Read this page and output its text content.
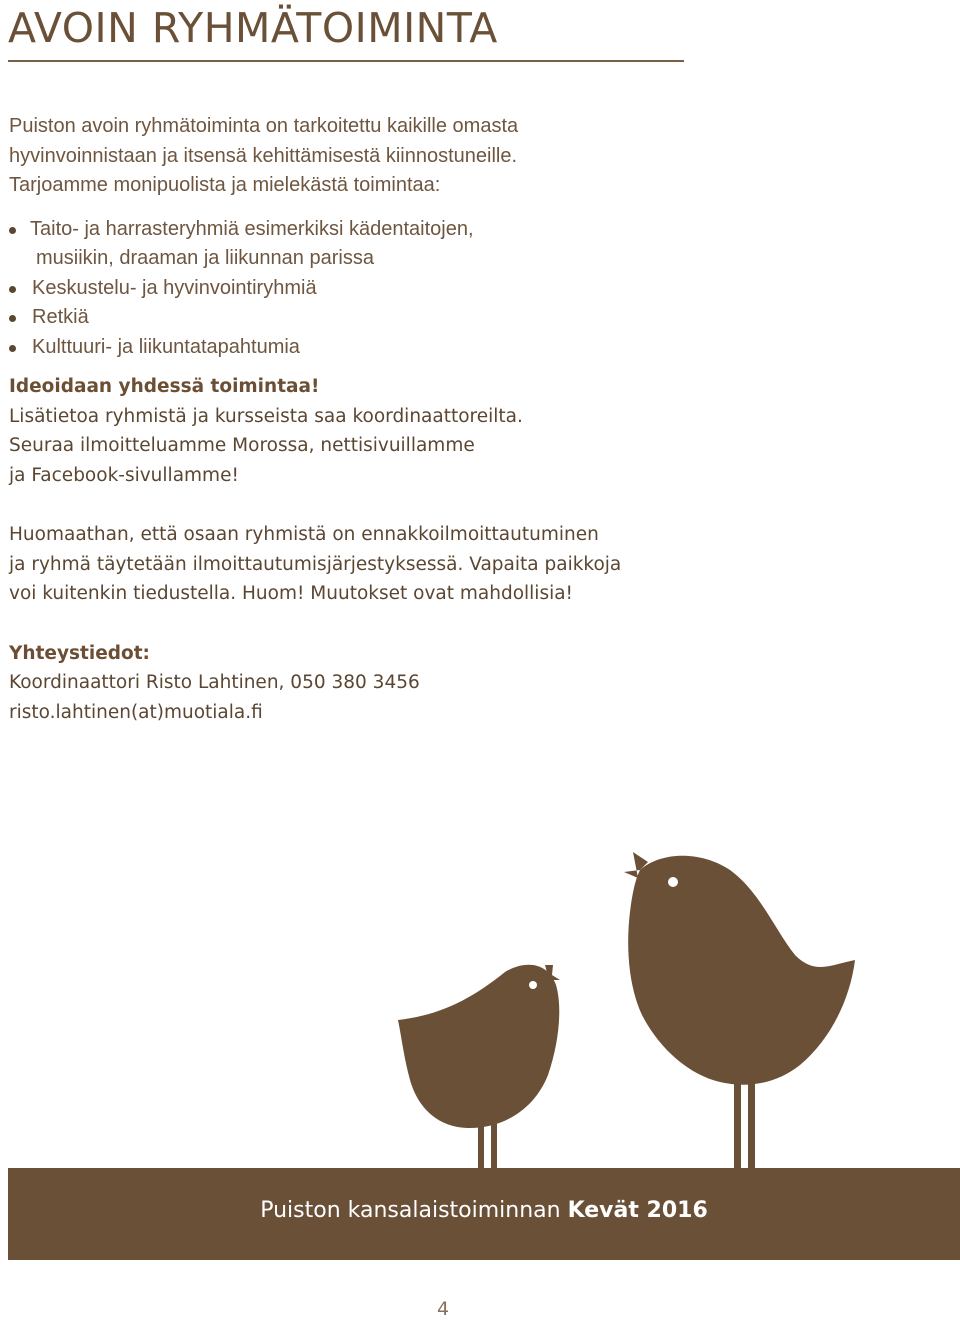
AVOIN RYHMÄTOIMINTA

Puiston avoin ryhmätoiminta on tarkoitettu kaikille omasta

hyvinvoinnistaan ja itsensä kehittämisestä kiinnostuneille.

Tarjoamme monipuolista ja mielekästä toimintaa:

Taito- ja harrasteryhmiä esimerkiksi kädentaitojen,
musiikin, draaman ja liikunnan parissa
Keskustelu- ja hyvinvointiryhmiä
Retkiä
Kulttuuri- ja liikuntatapahtumia

Ideoidaan yhdessä toimintaa!

Lisätietoa ryhmistä ja kursseista saa koordinaattoreilta.

Seuraa ilmoitteluamme Morossa, nettisivuillamme

ja Facebook-sivullamme!

Huomaathan, että osaan ryhmistä on ennakkoilmoittautuminen

ja ryhmä täytetään ilmoittautumisjärjestyksessä. Vapaita paikkoja

voi kuitenkin tiedustella. Huom! Muutokset ovat mahdollisia!

Yhteystiedot:

Koordinaattori Risto Lahtinen, 050 380 3456

risto.lahtinen(at)muotiala.fi

Puiston kansalaistoiminnan Kevät 2016
4
